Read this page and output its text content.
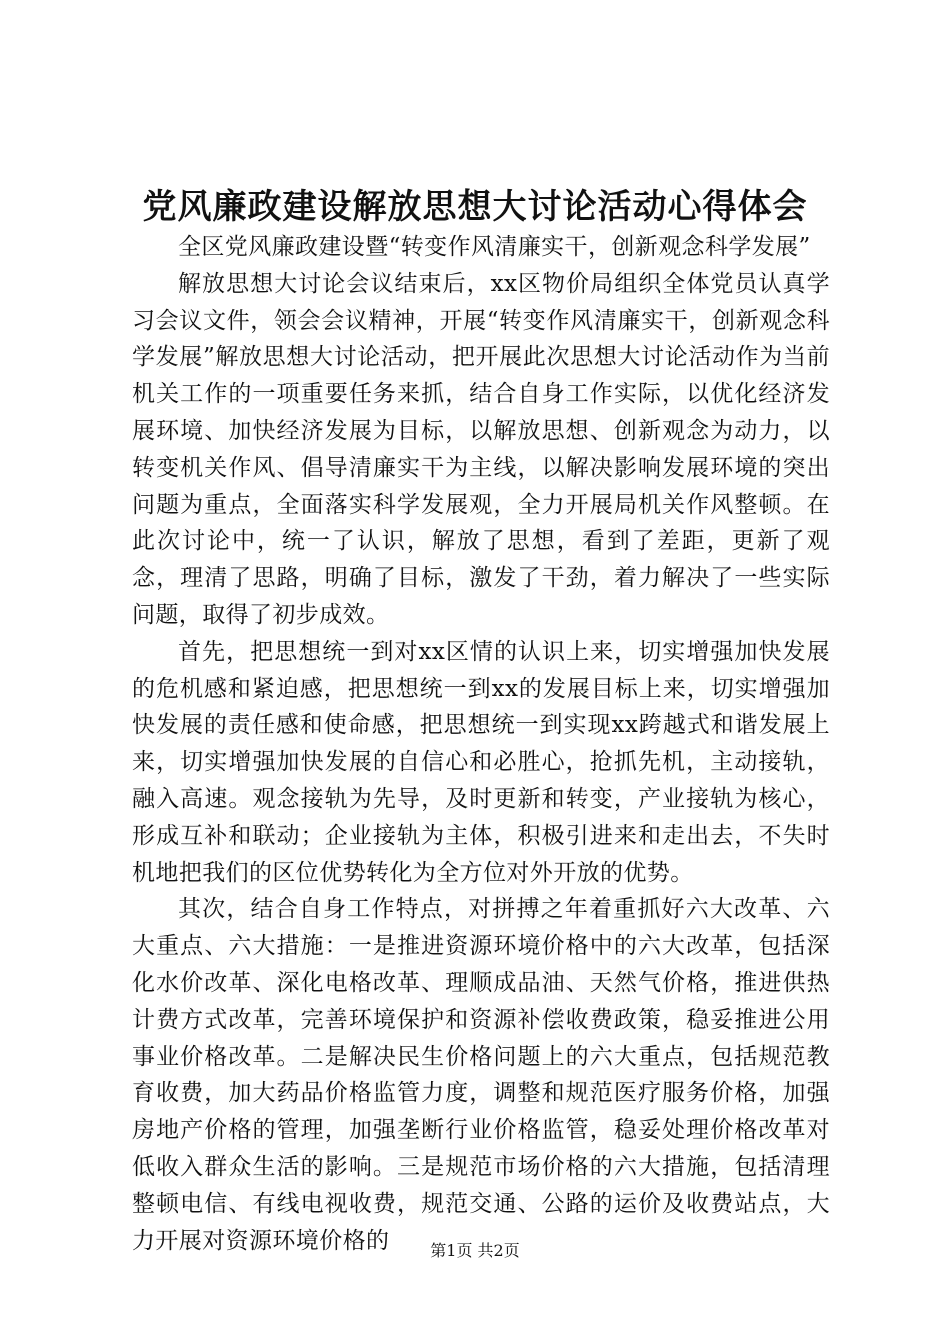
党风廉政建设解放思想大讨论活动心得体会

全区党风廉政建设暨“转变作风清廉实干，创新观念科学发展”

解放思想大讨论会议结束后，xx区物价局组织全体党员认真学习会议文件，领会会议精神，开展“转变作风清廉实干，创新观念科学发展”解放思想大讨论活动，把开展此次思想大讨论活动作为当前机关工作的一项重要任务来抓，结合自身工作实际，以优化经济发展环境、加快经济发展为目标，以解放思想、创新观念为动力，以转变机关作风、倡导清廉实干为主线，以解决影响发展环境的突出问题为重点，全面落实科学发展观，全力开展局机关作风整顿。在此次讨论中，统一了认识，解放了思想，看到了差距，更新了观念，理清了思路，明确了目标，激发了干劲，着力解决了一些实际问题，取得了初步成效。

首先，把思想统一到对xx区情的认识上来，切实增强加快发展的危机感和紧迫感，把思想统一到xx的发展目标上来，切实增强加快发展的责任感和使命感，把思想统一到实现xx跨越式和谐发展上来，切实增强加快发展的自信心和必胜心，抢抓先机，主动接轨，融入高速。观念接轨为先导，及时更新和转变，产业接轨为核心，形成互补和联动；企业接轨为主体，积极引进来和走出去，不失时机地把我们的区位优势转化为全方位对外开放的优势。

其次，结合自身工作特点，对拼搏之年着重抓好六大改革、六大重点、六大措施：一是推进资源环境价格中的六大改革，包括深化水价改革、深化电格改革、理顺成品油、天然气价格，推进供热计费方式改革，完善环境保护和资源补偿收费政策，稳妥推进公用事业价格改革。二是解决民生价格问题上的六大重点，包括规范教育收费，加大药品价格监管力度，调整和规范医疗服务价格，加强房地产价格的管理，加强垄断行业价格监管，稳妥处理价格改革对低收入群众生活的影响。三是规范市场价格的六大措施，包括清理整顿电信、有线电视收费，规范交通、公路的运价及收费站点，大力开展对资源环境价格的	第1页 共2页
